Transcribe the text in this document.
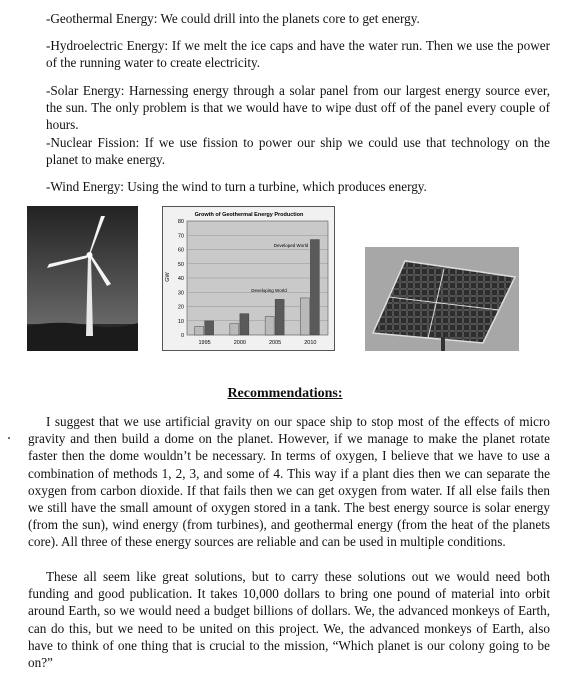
-Geothermal Energy: We could drill into the planets core to get energy.

-Hydroelectric Energy: If we melt the ice caps and have the water run. Then we use the power of the running water to create electricity.

-Solar Energy: Harnessing energy through a solar panel from our largest energy source ever, the sun. The only problem is that we would have to wipe dust off of the panel every couple of hours.

-Nuclear Fission: If we use fission to power our ship we could use that technology on the planet to make energy.

-Wind Energy: Using the wind to turn a turbine, which produces energy.

Growth of Geothermal Energy Production
0
10
20
30
40
50
60
70
80
1995	2000	2005	2010
GW
Developed World
Developing World
Recommendations:

I suggest that we use artificial gravity on our space ship to stop most of the effects of micro gravity and then build a dome on the planet. However, if we manage to make the planet rotate faster then the dome wouldn’t be necessary. In terms of oxygen, I believe that we have to use a combination of methods 1, 2, 3, and some of 4. This way if a plant dies then we can separate the oxygen from carbon dioxide. If that fails then we can get oxygen from water. If all else fails then we still have the small amount of oxygen stored in a tank. The best energy source is solar energy (from the sun), wind energy (from turbines), and geothermal energy (from the heat of the planets core). All three of these energy sources are reliable and can be used in multiple conditions.

These all seem like great solutions, but to carry these solutions out we would need both funding and good publication. It takes 10,000 dollars to bring one pound of material into orbit around Earth, so we would need a budget billions of dollars. We, the advanced monkeys of Earth, can do this, but we need to be united on this project. We, the advanced monkeys of Earth, also have to think of one thing that is crucial to the mission, “Which planet is our colony going to be on?”
